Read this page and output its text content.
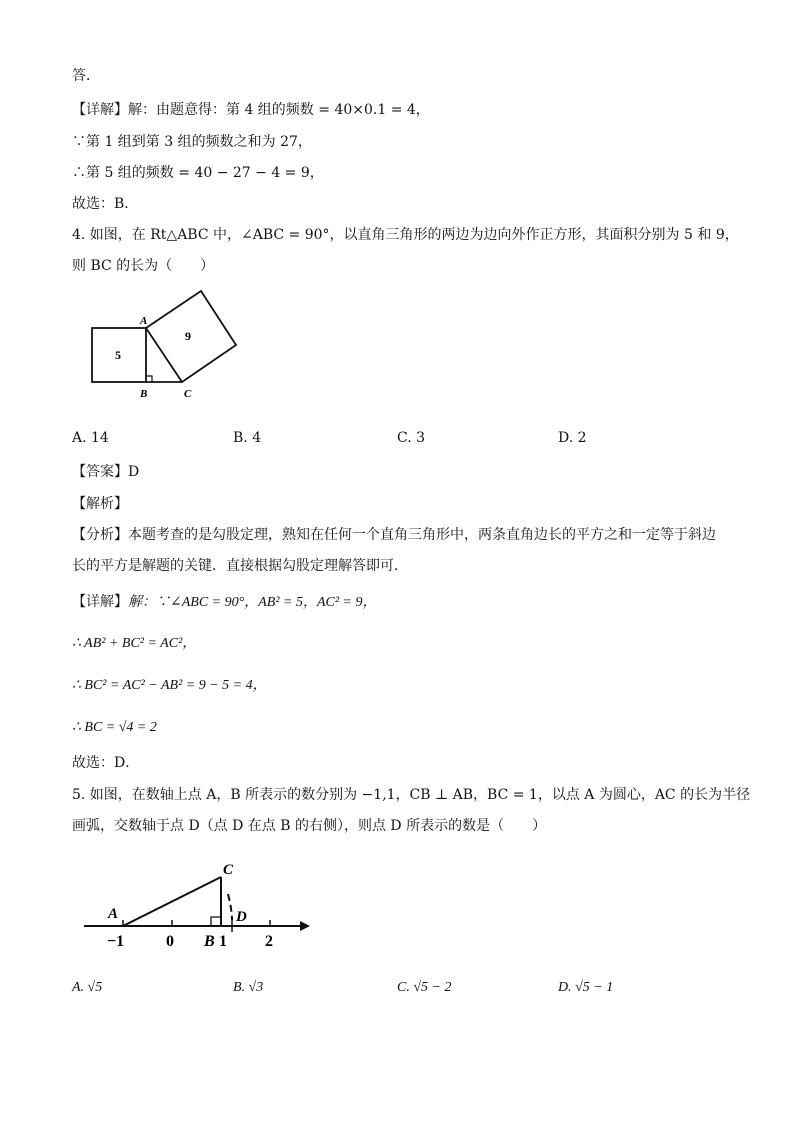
答．
【详解】解：由题意得：第 4 组的频数 = 40×0.1 = 4，
∵第 1 组到第 3 组的频数之和为 27，
∴第 5 组的频数 = 40 − 27 − 4 = 9，
故选：B．
4. 如图，在 Rt△ABC 中，∠ABC = 90°，以直角三角形的两边为边向外作正方形，其面积分别为 5 和 9，
则 BC 的长为（　　）
A
B	C
5
9
A. 14	B. 4	C. 3	D. 2
【答案】D
【解析】
【分析】本题考查的是勾股定理，熟知在任何一个直角三角形中，两条直角边长的平方之和一定等于斜边
长的平方是解题的关键．直接根据勾股定理解答即可．
【详解】解：∵∠ABC = 90°，AB² = 5，AC² = 9，
∴ AB² + BC² = AC²，
∴ BC² = AC² − AB² = 9 − 5 = 4，
∴ BC = √4 = 2
故选：D．
5. 如图，在数轴上点 A，B 所表示的数分别为 −1,1，CB ⊥ AB，BC = 1，以点 A 为圆心，AC 的长为半径
画弧，交数轴于点 D（点 D 在点 B 的右侧），则点 D 所表示的数是（　　）
A
C
D
−1	0 B 1 2
A. √5	B. √3	C. √5 − 2	D. √5 − 1
